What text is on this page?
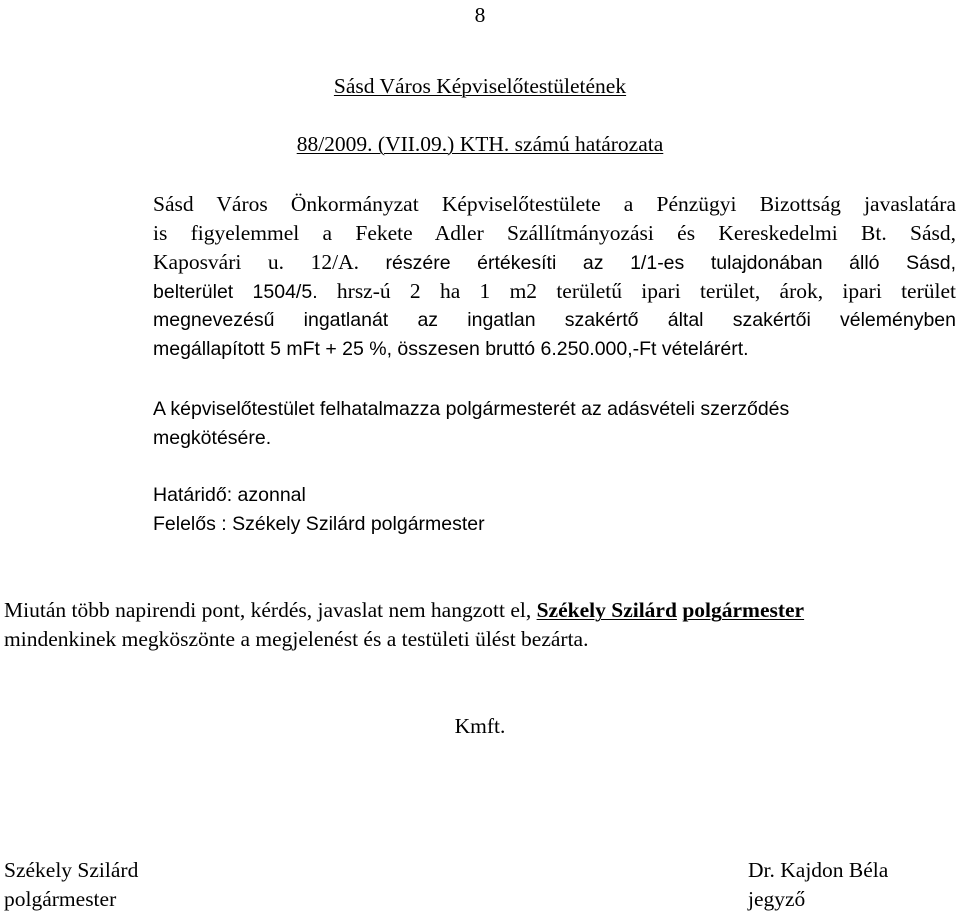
8
Sásd Város Képviselőtestületének
88/2009. (VII.09.) KTH. számú határozata
Sásd Város Önkormányzat Képviselőtestülete a Pénzügyi Bizottság javaslatára
is figyelemmel a Fekete Adler Szállítmányozási és Kereskedelmi Bt. Sásd,
Kaposvári u. 12/A. részére értékesíti az 1/1-es tulajdonában álló Sásd,
belterület 1504/5. hrsz-ú 2 ha 1 m2 területű ipari terület, árok, ipari terület
megnevezésű ingatlanát az ingatlan szakértő által szakértői véleményben
megállapított 5 mFt + 25 %, összesen bruttó 6.250.000,-Ft vételárért.
A képviselőtestület felhatalmazza polgármesterét az adásvételi szerződés
megkötésére.
Határidő: azonnal
Felelős : Székely Szilárd polgármester
Miután több napirendi pont, kérdés, javaslat nem hangzott el, Székely Szilárd polgármester
mindenkinek megköszönte a megjelenést és a testületi ülést bezárta.
Kmft.
Székely Szilárd
polgármester
Dr. Kajdon Béla
jegyző
